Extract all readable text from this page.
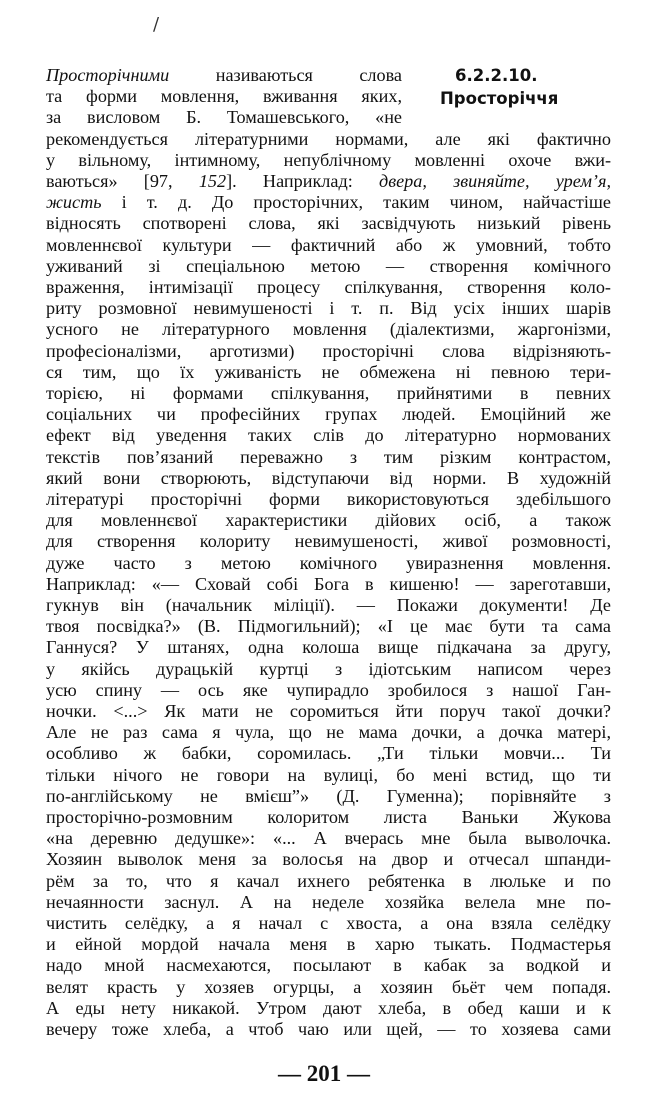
/
6.2.2.10.
Просторіччя
Просторічними називаються слова
та форми мовлення, вживання яких,
за висловом Б. Томашевського, «не
рекомендується літературними нормами, але які фактично
у вільному, інтимному, непублічному мовленні охоче вжи-
ваються» [97, 152]. Наприклад: двера, звиняйте, урем’я,
жисть і т. д. До просторічних, таким чином, найчастіше
відносять спотворені слова, які засвідчують низький рівень
мовленнєвої культури — фактичний або ж умовний, тобто
уживаний зі спеціальною метою — створення комічного
враження, інтимізації процесу спілкування, створення коло-
риту розмовної невимушеності і т. п. Від усіх інших шарів
усного не літературного мовлення (діалектизми, жаргонізми,
професіоналізми, арготизми) просторічні слова відрізняють-
ся тим, що їх уживаність не обмежена ні певною тери-
торією, ні формами спілкування, прийнятими в певних
соціальних чи професійних групах людей. Емоційний же
ефект від уведення таких слів до літературно нормованих
текстів пов’язаний переважно з тим різким контрастом,
який вони створюють, відступаючи від норми. В художній
літературі просторічні форми використовуються здебільшого
для мовленнєвої характеристики дійових осіб, а також
для створення колориту невимушеності, живої розмовності,
дуже часто з метою комічного увиразнення мовлення.
Наприклад: «— Сховай собі Бога в кишеню! — зареготавши,
гукнув він (начальник міліції). — Покажи документи! Де
твоя посвідка?» (В. Підмогильний); «І це має бути та сама
Ганнуся? У штанях, одна колоша вище підкачана за другу,
у якійсь дурацькій куртці з ідіотським написом через
усю спину — ось яке чупирадло зробилося з нашої Ган-
ночки. <...> Як мати не соромиться йти поруч такої дочки?
Але не раз сама я чула, що не мама дочки, а дочка матері,
особливо ж бабки, соромилась. „Ти тільки мовчи... Ти
тільки нічого не говори на вулиці, бо мені встид, що ти
по-англійському не вмієш”» (Д. Гуменна); порівняйте з
просторічно-розмовним колоритом листа Ваньки Жукова
«на деревню дедушке»: «... А вчерась мне была выволочка.
Хозяин выволок меня за волосья на двор и отчесал шпанди-
рём за то, что я качал ихнего ребятенка в люльке и по
нечаянности заснул. А на неделе хозяйка велела мне по-
чистить селёдку, а я начал с хвоста, а она взяла селёдку
и ейной мордой начала меня в харю тыкать. Подмастерья
надо мной насмехаются, посылают в кабак за водкой и
велят красть у хозяев огурцы, а хозяин бьёт чем попадя.
А еды нету никакой. Утром дают хлеба, в обед каши и к
вечеру тоже хлеба, а чтоб чаю или щей, — то хозяева сами
— 201 —
